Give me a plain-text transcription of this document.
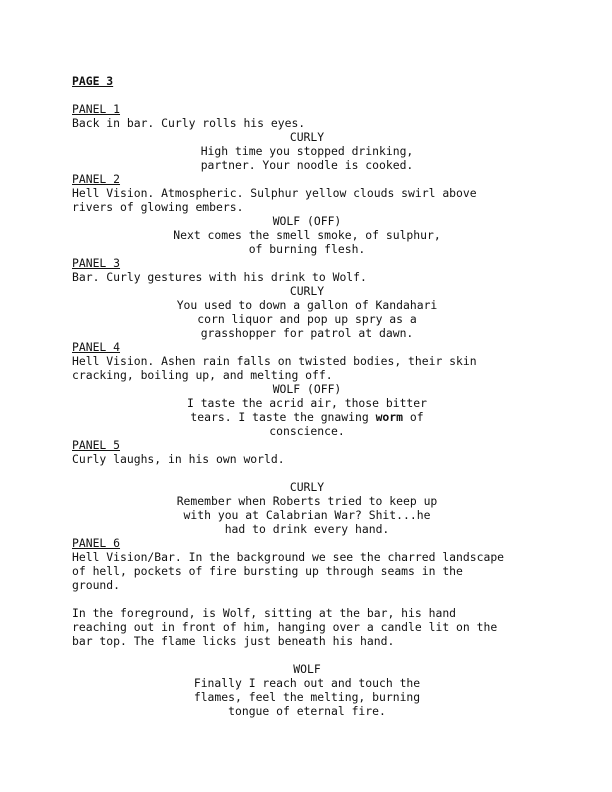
PAGE 3
PANEL 1
Back in bar. Curly rolls his eyes.
CURLY
High time you stopped drinking,
partner. Your noodle is cooked.
PANEL 2
Hell Vision. Atmospheric. Sulphur yellow clouds swirl above
rivers of glowing embers.
WOLF (OFF)
Next comes the smell smoke, of sulphur,
of burning flesh.
PANEL 3
Bar. Curly gestures with his drink to Wolf.
CURLY
You used to down a gallon of Kandahari
corn liquor and pop up spry as a
grasshopper for patrol at dawn.
PANEL 4
Hell Vision. Ashen rain falls on twisted bodies, their skin
cracking, boiling up, and melting off.
WOLF (OFF)
I taste the acrid air, those bitter
tears. I taste the gnawing worm of
conscience.
PANEL 5
Curly laughs, in his own world.
CURLY
Remember when Roberts tried to keep up
with you at Calabrian War? Shit...he
had to drink every hand.
PANEL 6
Hell Vision/Bar. In the background we see the charred landscape
of hell, pockets of fire bursting up through seams in the
ground.
In the foreground, is Wolf, sitting at the bar, his hand
reaching out in front of him, hanging over a candle lit on the
bar top. The flame licks just beneath his hand.
WOLF
Finally I reach out and touch the
flames, feel the melting, burning
tongue of eternal fire.
